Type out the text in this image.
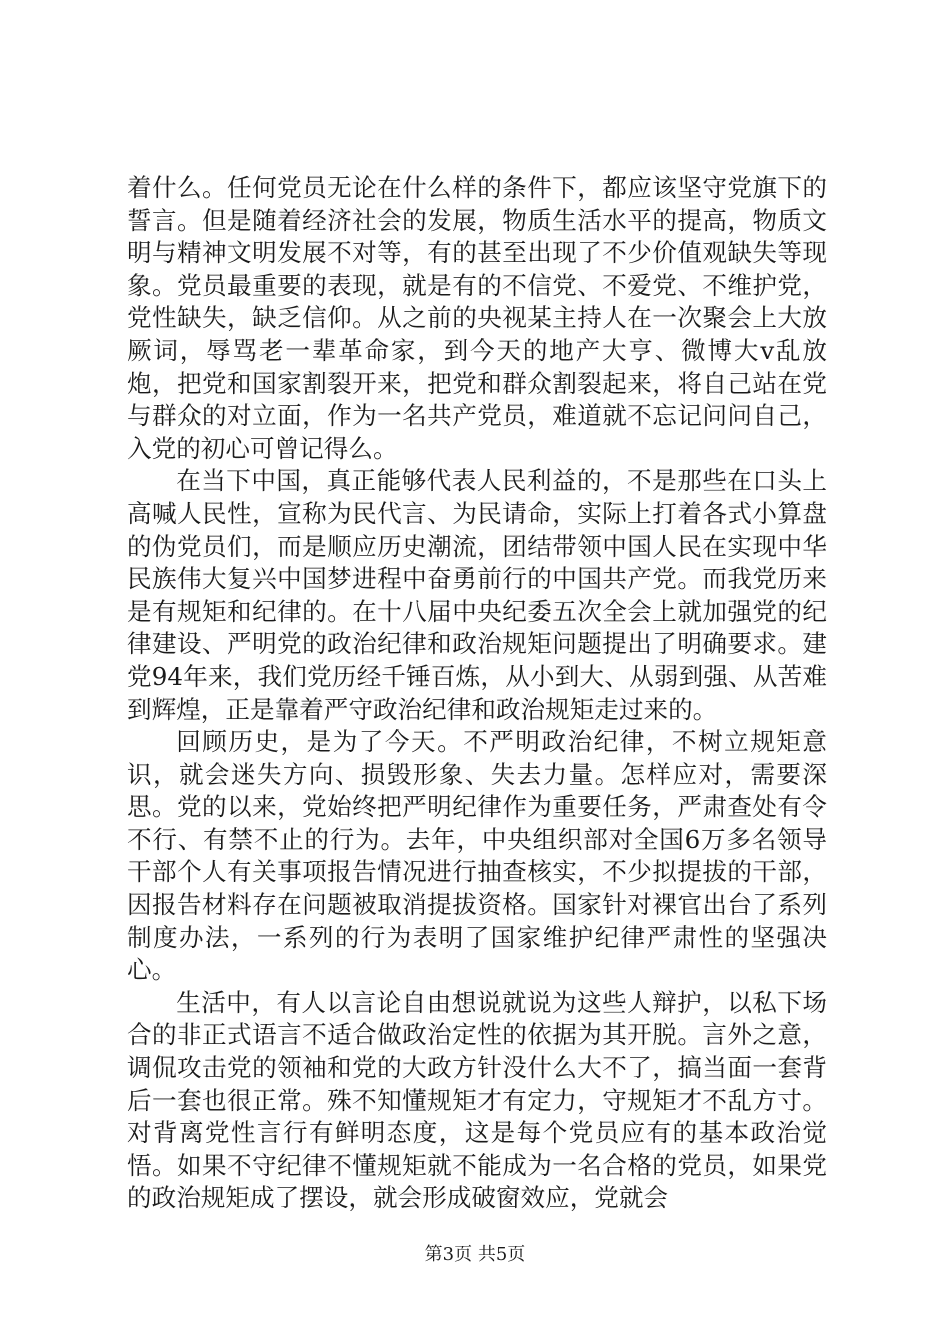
着什么。任何党员无论在什么样的条件下，都应该坚守党旗下的誓言。但是随着经济社会的发展，物质生活水平的提高，物质文明与精神文明发展不对等，有的甚至出现了不少价值观缺失等现象。党员最重要的表现，就是有的不信党、不爱党、不维护党，党性缺失，缺乏信仰。从之前的央视某主持人在一次聚会上大放厥词，辱骂老一辈革命家，到今天的地产大亨、微博大v乱放炮，把党和国家割裂开来，把党和群众割裂起来，将自己站在党与群众的对立面，作为一名共产党员，难道就不忘记问问自己，入党的初心可曾记得么。

在当下中国，真正能够代表人民利益的，不是那些在口头上高喊人民性，宣称为民代言、为民请命，实际上打着各式小算盘的伪党员们，而是顺应历史潮流，团结带领中国人民在实现中华民族伟大复兴中国梦进程中奋勇前行的中国共产党。而我党历来是有规矩和纪律的。在十八届中央纪委五次全会上就加强党的纪律建设、严明党的政治纪律和政治规矩问题提出了明确要求。建党94年来，我们党历经千锤百炼，从小到大、从弱到强、从苦难到辉煌，正是靠着严守政治纪律和政治规矩走过来的。

回顾历史，是为了今天。不严明政治纪律，不树立规矩意识，就会迷失方向、损毁形象、失去力量。怎样应对，需要深思。党的以来，党始终把严明纪律作为重要任务，严肃查处有令不行、有禁不止的行为。去年，中央组织部对全国6万多名领导干部个人有关事项报告情况进行抽查核实，不少拟提拔的干部，因报告材料存在问题被取消提拔资格。国家针对裸官出台了系列制度办法，一系列的行为表明了国家维护纪律严肃性的坚强决心。

生活中，有人以言论自由想说就说为这些人辩护，以私下场合的非正式语言不适合做政治定性的依据为其开脱。言外之意，调侃攻击党的领袖和党的大政方针没什么大不了，搞当面一套背后一套也很正常。殊不知懂规矩才有定力，守规矩才不乱方寸。对背离党性言行有鲜明态度，这是每个党员应有的基本政治觉悟。如果不守纪律不懂规矩就不能成为一名合格的党员，如果党的政治规矩成了摆设，就会形成破窗效应，党就会

第3页 共5页
